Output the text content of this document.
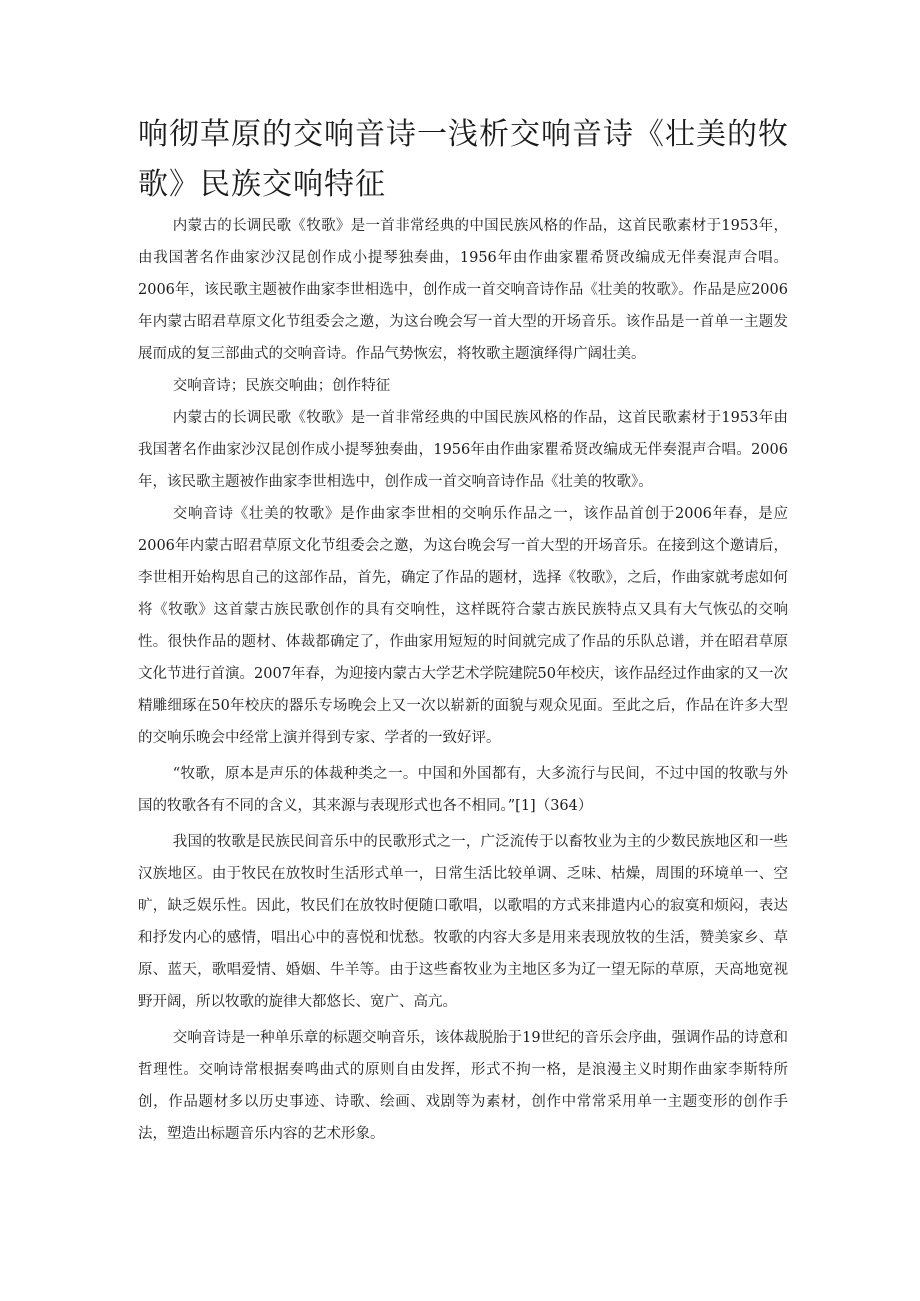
响彻草原的交响音诗一浅析交响音诗《壮美的牧歌》民族交响特征

内蒙古的长调民歌《牧歌》是一首非常经典的中国民族风格的作品，这首民歌素材于1953年，由我国著名作曲家沙汉昆创作成小提琴独奏曲，1956年由作曲家瞿希贤改编成无伴奏混声合唱。2006年，该民歌主题被作曲家李世相选中，创作成一首交响音诗作品《壮美的牧歌》。作品是应2006年内蒙古昭君草原文化节组委会之邀，为这台晚会写一首大型的开场音乐。该作品是一首单一主题发展而成的复三部曲式的交响音诗。作品气势恢宏，将牧歌主题演绎得广阔壮美。

交响音诗；民族交响曲；创作特征

内蒙古的长调民歌《牧歌》是一首非常经典的中国民族风格的作品，这首民歌素材于1953年由我国著名作曲家沙汉昆创作成小提琴独奏曲，1956年由作曲家瞿希贤改编成无伴奏混声合唱。2006年，该民歌主题被作曲家李世相选中，创作成一首交响音诗作品《壮美的牧歌》。

交响音诗《壮美的牧歌》是作曲家李世相的交响乐作品之一，该作品首创于2006年春，是应2006年内蒙古昭君草原文化节组委会之邀，为这台晚会写一首大型的开场音乐。在接到这个邀请后，李世相开始构思自己的这部作品，首先，确定了作品的题材，选择《牧歌》，之后，作曲家就考虑如何将《牧歌》这首蒙古族民歌创作的具有交响性，这样既符合蒙古族民族特点又具有大气恢弘的交响性。很快作品的题材、体裁都确定了，作曲家用短短的时间就完成了作品的乐队总谱，并在昭君草原文化节进行首演。2007年春，为迎接内蒙古大学艺术学院建院50年校庆，该作品经过作曲家的又一次精雕细琢在50年校庆的器乐专场晚会上又一次以崭新的面貌与观众见面。至此之后，作品在许多大型的交响乐晚会中经常上演并得到专家、学者的一致好评。

“牧歌，原本是声乐的体裁种类之一。中国和外国都有，大多流行与民间，不过中国的牧歌与外国的牧歌各有不同的含义，其来源与表现形式也各不相同。”[1]（364）

我国的牧歌是民族民间音乐中的民歌形式之一，广泛流传于以畜牧业为主的少数民族地区和一些汉族地区。由于牧民在放牧时生活形式单一，日常生活比较单调、乏味、枯燥，周围的环境单一、空旷，缺乏娱乐性。因此，牧民们在放牧时便随口歌唱，以歌唱的方式来排遣内心的寂寞和烦闷，表达和抒发内心的感情，唱出心中的喜悦和忧愁。牧歌的内容大多是用来表现放牧的生活，赞美家乡、草原、蓝天，歌唱爱情、婚姻、牛羊等。由于这些畜牧业为主地区多为辽一望无际的草原，天高地宽视野开阔，所以牧歌的旋律大都悠长、宽广、高亢。

交响音诗是一种单乐章的标题交响音乐，该体裁脱胎于19世纪的音乐会序曲，强调作品的诗意和哲理性。交响诗常根据奏鸣曲式的原则自由发挥，形式不拘一格，是浪漫主义时期作曲家李斯特所创，作品题材多以历史事迹、诗歌、绘画、戏剧等为素材，创作中常常采用单一主题变形的创作手法，塑造出标题音乐内容的艺术形象。
